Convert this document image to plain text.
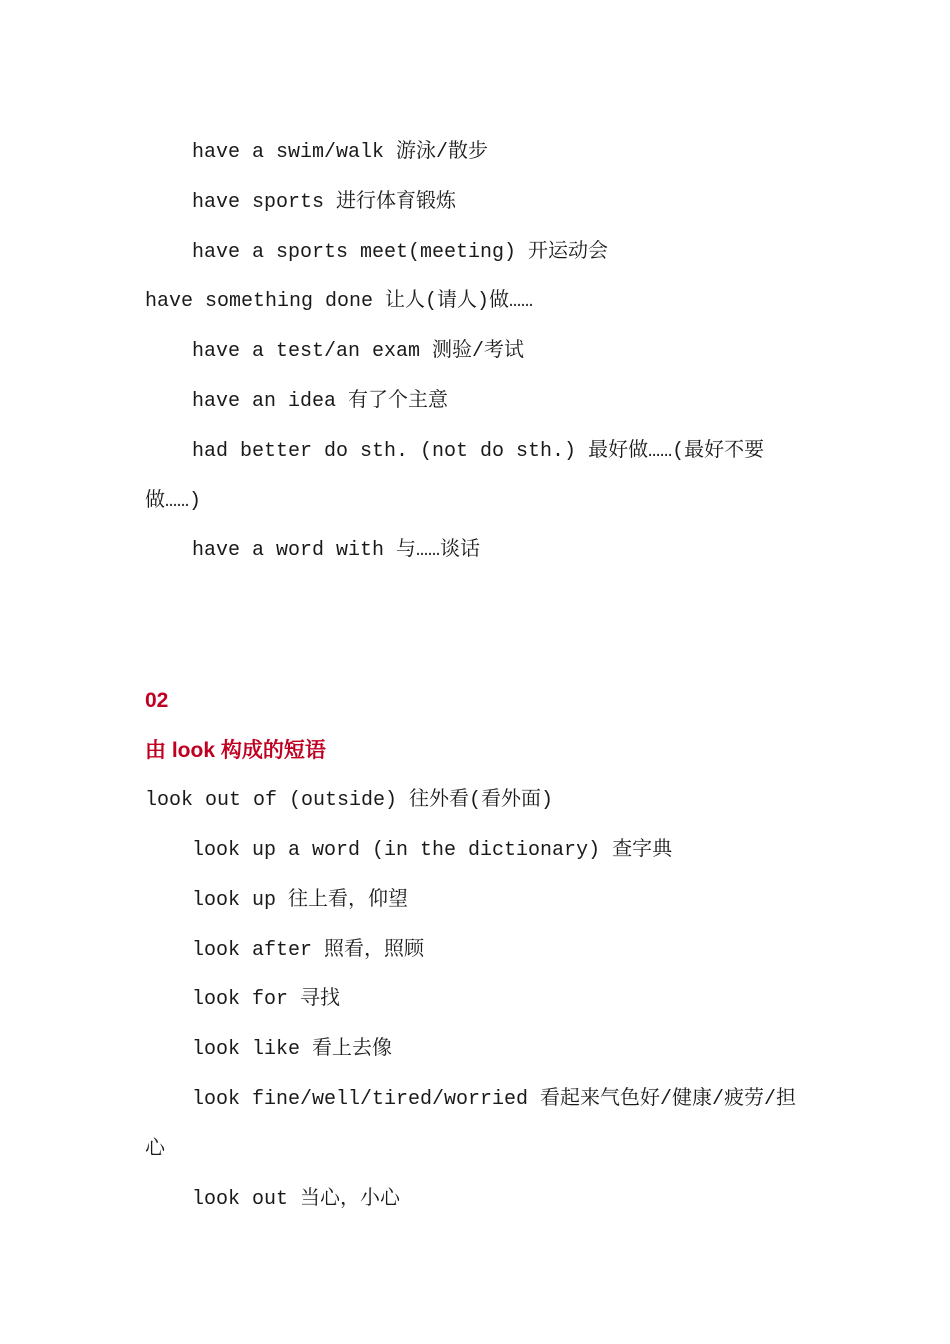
have a swim/walk 游泳/散步
have sports 进行体育锻炼
have a sports meet(meeting) 开运动会
have something done 让人(请人)做……
have a test/an exam 测验/考试
have an idea 有了个主意
had better do sth. (not do sth.) 最好做……(最好不要做……)
have a word with 与……谈话
02
由 look 构成的短语
look out of (outside) 往外看(看外面)
look up a word (in the dictionary) 查字典
look up 往上看，仰望
look after 照看，照顾
look for 寻找
look like 看上去像
look fine/well/tired/worried 看起来气色好/健康/疲劳/担心
look out 当心，小心
